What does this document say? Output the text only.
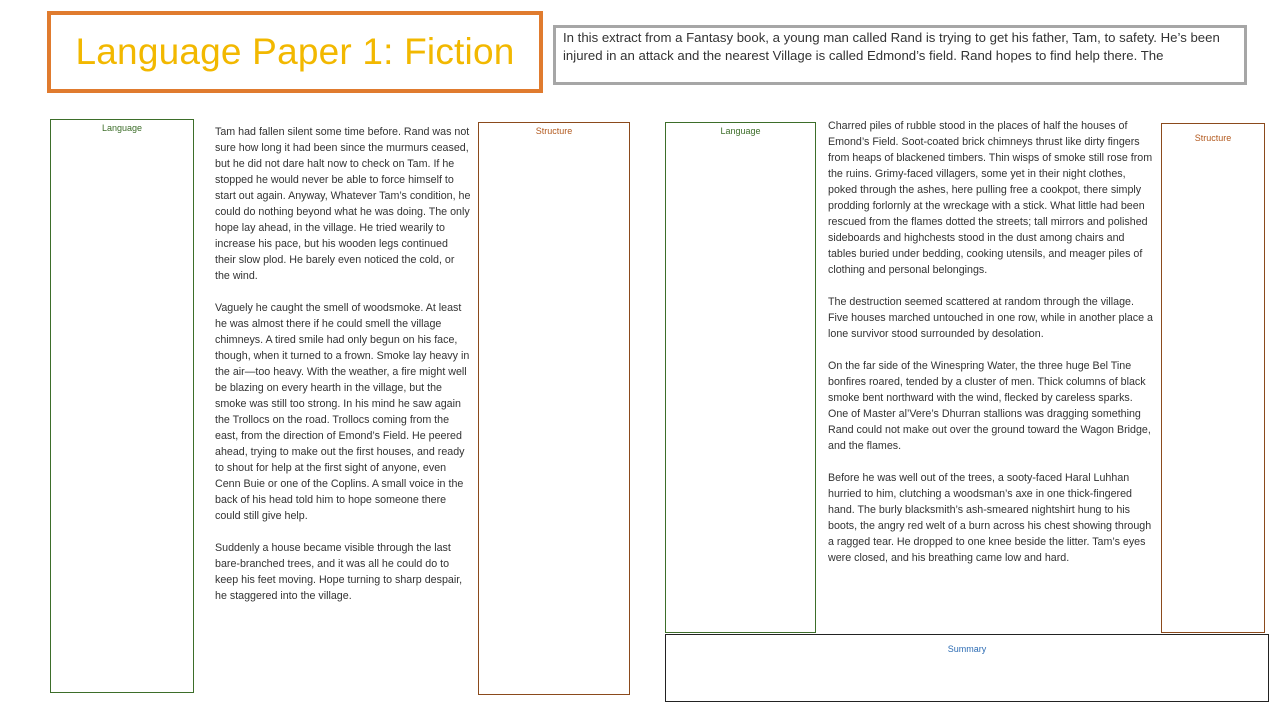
Language Paper 1: Fiction	In this extract from a Fantasy book, a young man called Rand is trying to get his father, Tam, to safety. He’s been injured in an attack and the nearest Village is called Edmond’s field. Rand hopes to find help there. The
Language	Tam had fallen silent some time before. Rand was not sure how long it had been since the murmurs ceased, but he did not dare halt now to check on Tam. If he stopped he would never be able to force himself to start out again. Anyway, Whatever Tam’s condition, he could do nothing beyond what he was doing. The only hope lay ahead, in the village. He tried wearily to increase his pace, but his wooden legs continued their slow plod. He barely even noticed the cold, or the wind.

Vaguely he caught the smell of woodsmoke. At least he was almost there if he could smell the village chimneys. A tired smile had only begun on his face, though, when it turned to a frown. Smoke lay heavy in the air—too heavy. With the weather, a fire might well be blazing on every hearth in the village, but the smoke was still too strong. In his mind he saw again the Trollocs on the road. Trollocs coming from the east, from the direction of Emond’s Field. He peered ahead, trying to make out the first houses, and ready to shout for help at the first sight of anyone, even Cenn Buie or one of the Coplins. A small voice in the back of his head told him to hope someone there could still give help.

Suddenly a house became visible through the last bare-branched trees, and it was all he could do to keep his feet moving. Hope turning to sharp despair, he staggered into the village.

Structure	Language	Charred piles of rubble stood in the places of half the houses of Emond’s Field. Soot-coated brick chimneys thrust like dirty fingers from heaps of blackened timbers. Thin wisps of smoke still rose from the ruins. Grimy-faced villagers, some yet in their night clothes, poked through the ashes, here pulling free a cookpot, there simply prodding forlornly at the wreckage with a stick. What little had been rescued from the flames dotted the streets; tall mirrors and polished sideboards and highchests stood in the dust among chairs and tables buried under bedding, cooking utensils, and meager piles of clothing and personal belongings.

The destruction seemed scattered at random through the village. Five houses marched untouched in one row, while in another place a lone survivor stood surrounded by desolation.

On the far side of the Winespring Water, the three huge Bel Tine bonfires roared, tended by a cluster of men. Thick columns of black smoke bent northward with the wind, flecked by careless sparks. One of Master al’Vere’s Dhurran stallions was dragging something Rand could not make out over the ground toward the Wagon Bridge, and the flames.

Before he was well out of the trees, a sooty-faced Haral Luhhan hurried to him, clutching a woodsman’s axe in one thick-fingered hand. The burly blacksmith’s ash-smeared nightshirt hung to his boots, the angry red welt of a burn across his chest showing through a ragged tear. He dropped to one knee beside the litter. Tam’s eyes were closed, and his breathing came low and hard.

Structure
Summary
